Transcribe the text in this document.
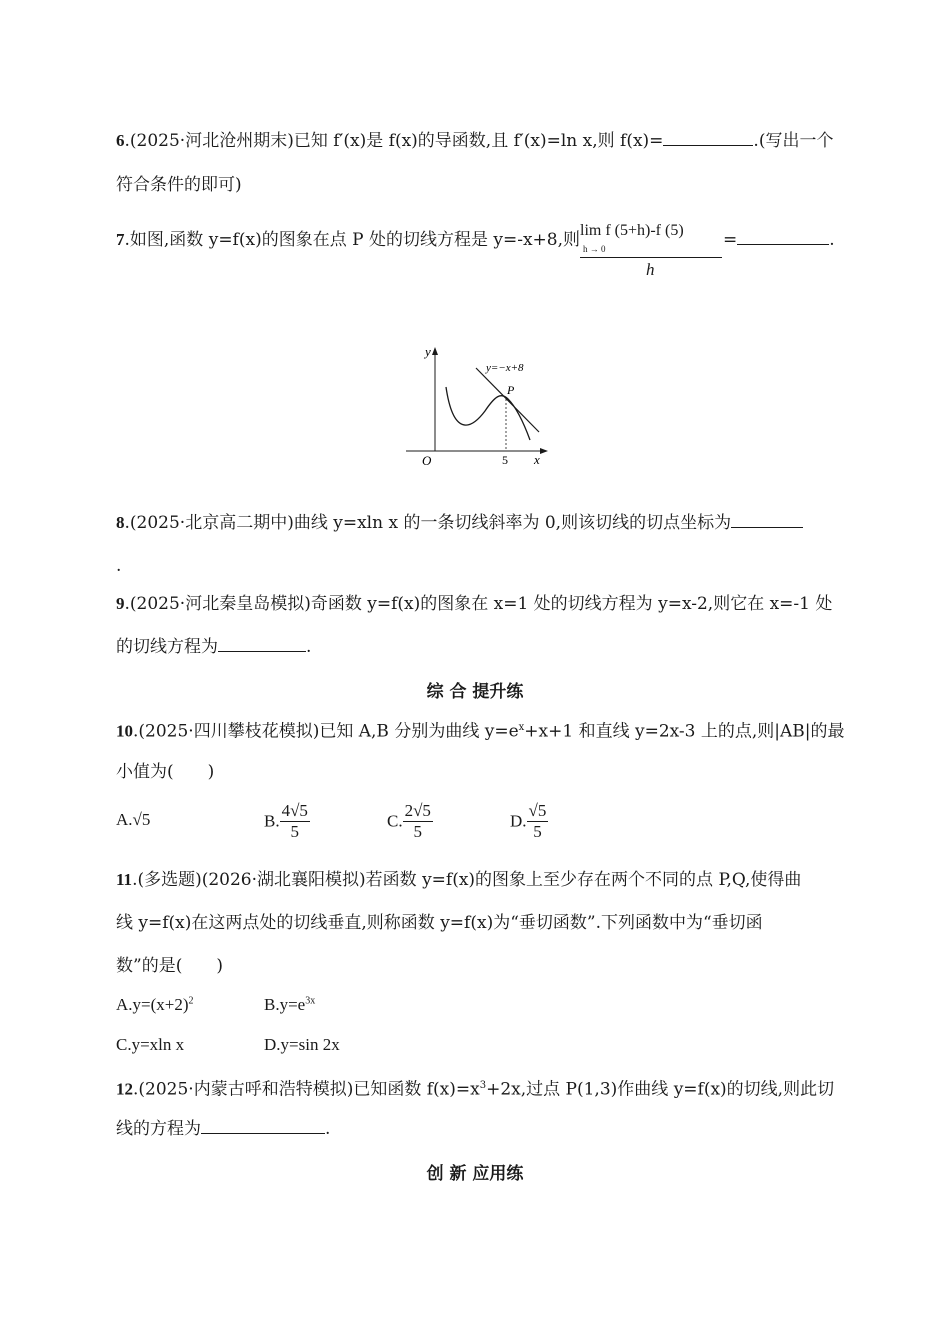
6.(2025·河北沧州期末)已知 f′(x)是 f(x)的导函数,且 f′(x)=ln x,则 f(x)=	.(写出一个
符合条件的即可)
7.如图,函数 y=f(x)的图象在点 P 处的切线方程是 y=-x+8,则 lim f (5+h)-f (5)
h → 0
h
=	.
y
x
O
y=−x+8
P
5
8.(2025·北京高二期中)曲线 y=xln x 的一条切线斜率为 0,则该切线的切点坐标为
.
9.(2025·河北秦皇岛模拟)奇函数 y=f(x)的图象在 x=1 处的切线方程为 y=x-2,则它在 x=-1 处
的切线方程为	.
综 合 提升练
10.(2025·四川攀枝花模拟)已知 A,B 分别为曲线 $y=e^x+x+1$ 和直线 y=2x-3 上的点,则|AB|的最
小值为(　　)
A.√5	B. $\frac{4√5}{5}$	C. $\frac{2√5}{5}$	D. $\frac{√5}{5}$
11.(多选题)(2026·湖北襄阳模拟)若函数 y=f(x)的图象上至少存在两个不同的点 P,Q,使得曲
线 y=f(x)在这两点处的切线垂直,则称函数 y=f(x)为“垂切函数”.下列函数中为“垂切函
数”的是(　　)
$A.y=(x+2)^2$	$B.y=e^{3x}$
C.y=xln x	D.y=sin 2x
12.(2025·内蒙古呼和浩特模拟)已知函数 $f(x)=x^3+2x$,过点 P(1,3)作曲线 y=f(x)的切线,则此切
线的方程为	.
创 新 应用练
